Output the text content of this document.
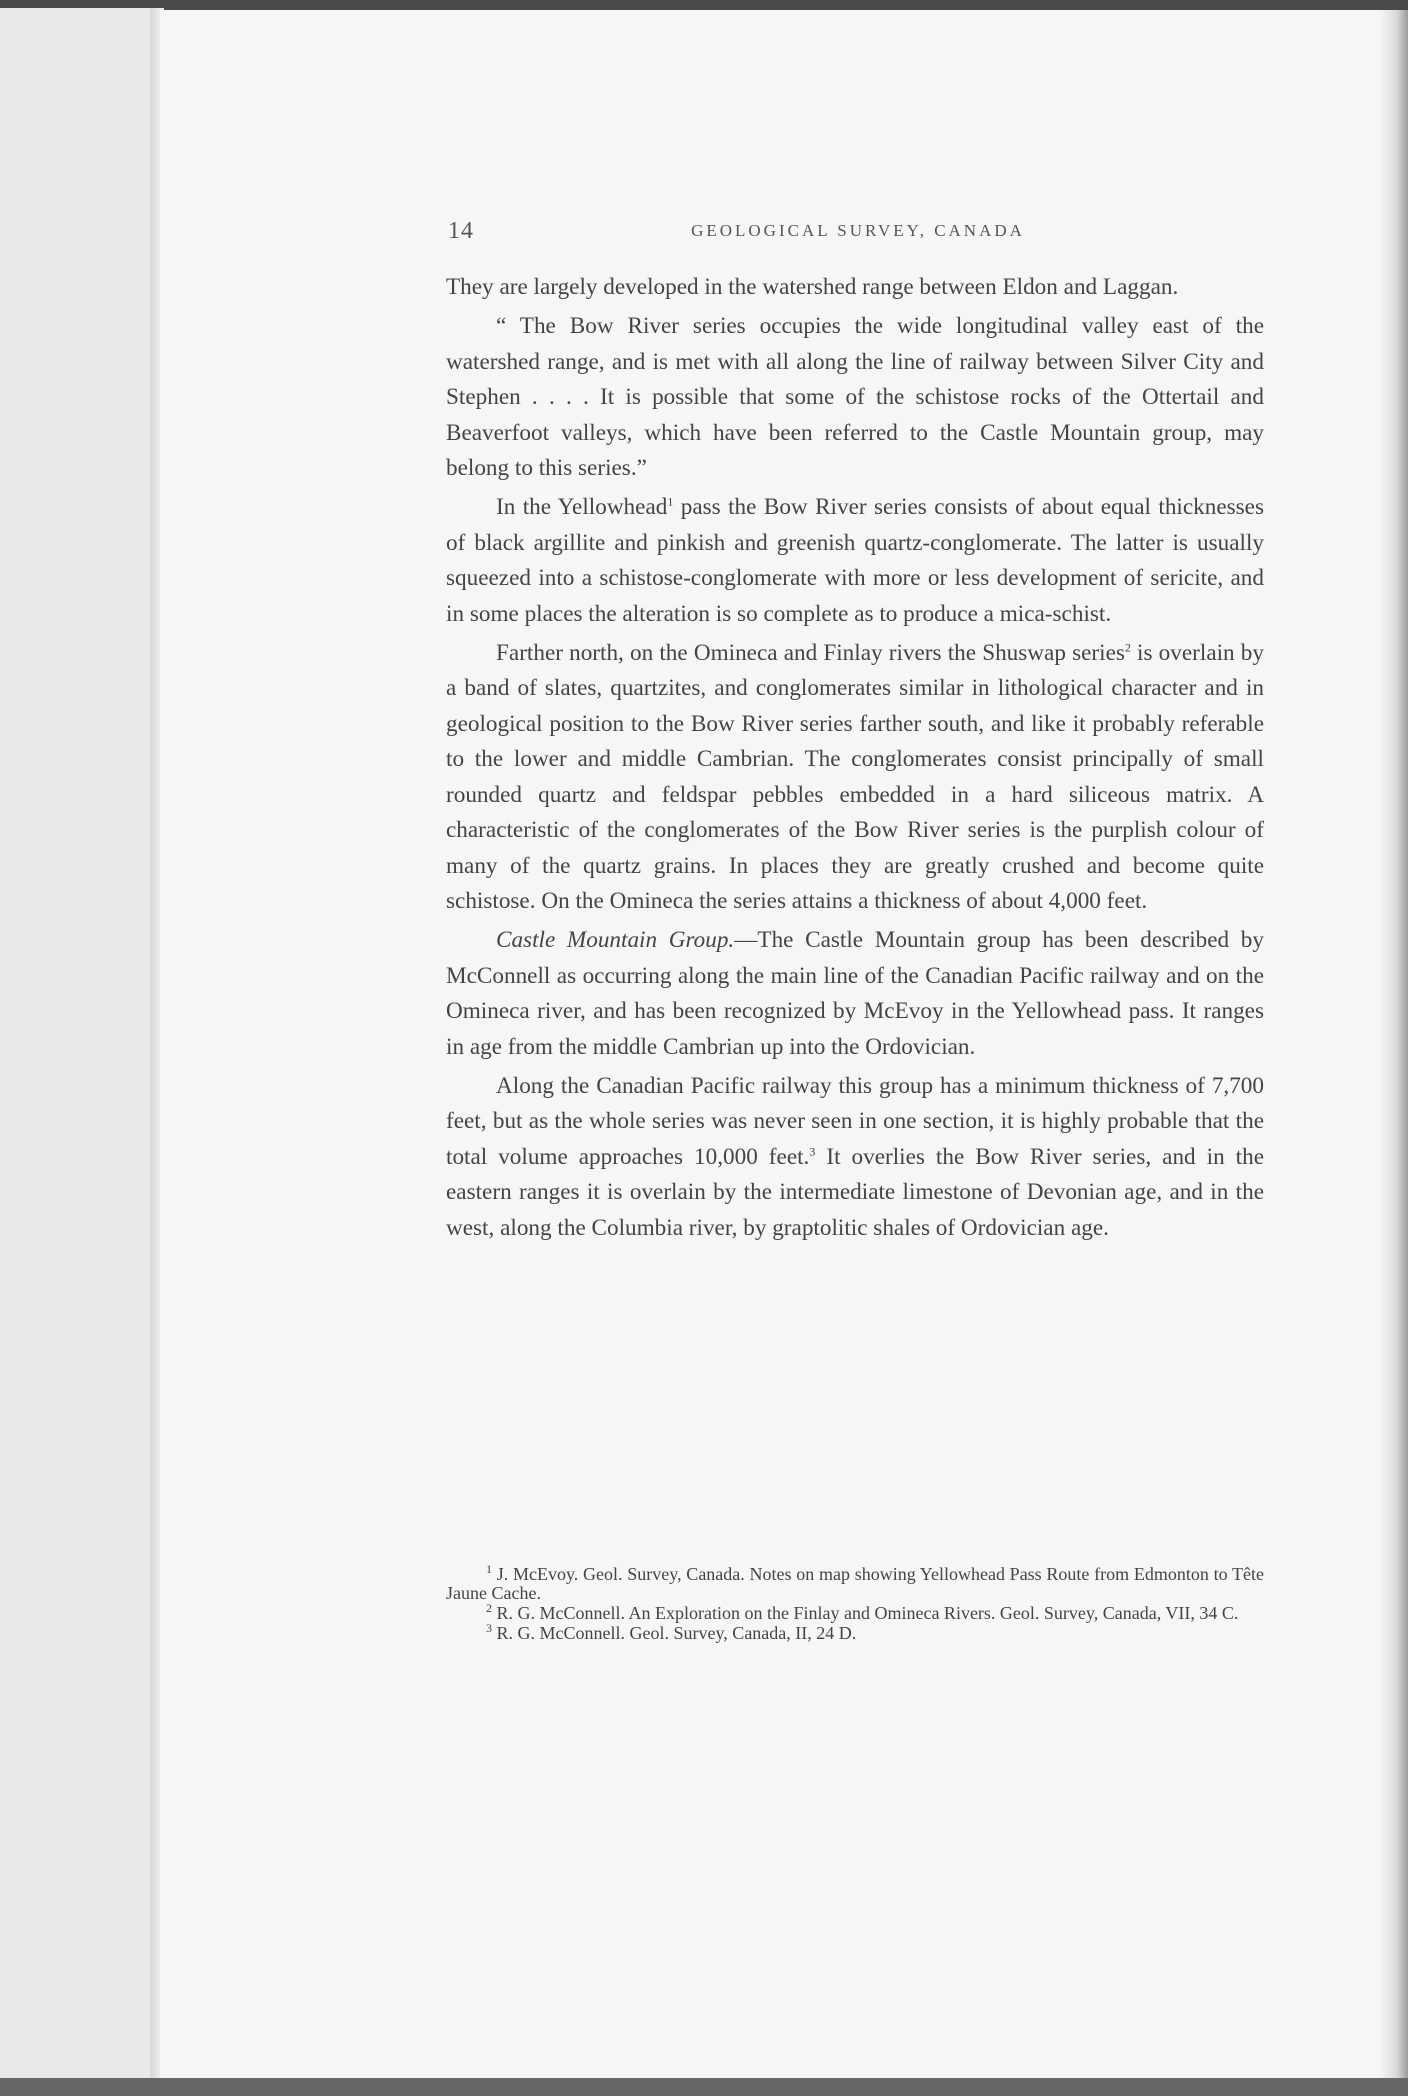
14	GEOLOGICAL SURVEY, CANADA

They are largely developed in the watershed range between Eldon and Laggan.

“ The Bow River series occupies the wide longitudinal valley east of the watershed range, and is met with all along the line of railway between Silver City and Stephen . . . . It is possible that some of the schistose rocks of the Ottertail and Beaverfoot valleys, which have been referred to the Castle Mountain group, may belong to this series.”

In the Yellowhead$^1$ pass the Bow River series consists of about equal thicknesses of black argillite and pinkish and greenish quartz-conglomerate. The latter is usually squeezed into a schistose-conglomerate with more or less development of sericite, and in some places the alteration is so complete as to produce a mica-schist.

Farther north, on the Omineca and Finlay rivers the Shuswap series$^2$ is overlain by a band of slates, quartzites, and conglomerates similar in lithological character and in geological position to the Bow River series farther south, and like it probably referable to the lower and middle Cambrian. The conglomerates consist principally of small rounded quartz and feldspar pebbles embedded in a hard siliceous matrix. A characteristic of the conglomerates of the Bow River series is the purplish colour of many of the quartz grains. In places they are greatly crushed and become quite schistose. On the Omineca the series attains a thickness of about 4,000 feet.

Castle Mountain Group.—The Castle Mountain group has been described by McConnell as occurring along the main line of the Canadian Pacific railway and on the Omineca river, and has been recognized by McEvoy in the Yellowhead pass. It ranges in age from the middle Cambrian up into the Ordovician.

Along the Canadian Pacific railway this group has a minimum thickness of 7,700 feet, but as the whole series was never seen in one section, it is highly probable that the total volume approaches 10,000 feet.$^3$ It overlies the Bow River series, and in the eastern ranges it is overlain by the intermediate limestone of Devonian age, and in the west, along the Columbia river, by graptolitic shales of Ordovician age.

$^1$ J. McEvoy. Geol. Survey, Canada. Notes on map showing Yellowhead Pass Route from Edmonton to Tête Jaune Cache.

$^2$ R. G. McConnell. An Exploration on the Finlay and Omineca Rivers. Geol. Survey, Canada, VII, 34 C.

$^3$ R. G. McConnell. Geol. Survey, Canada, II, 24 D.
